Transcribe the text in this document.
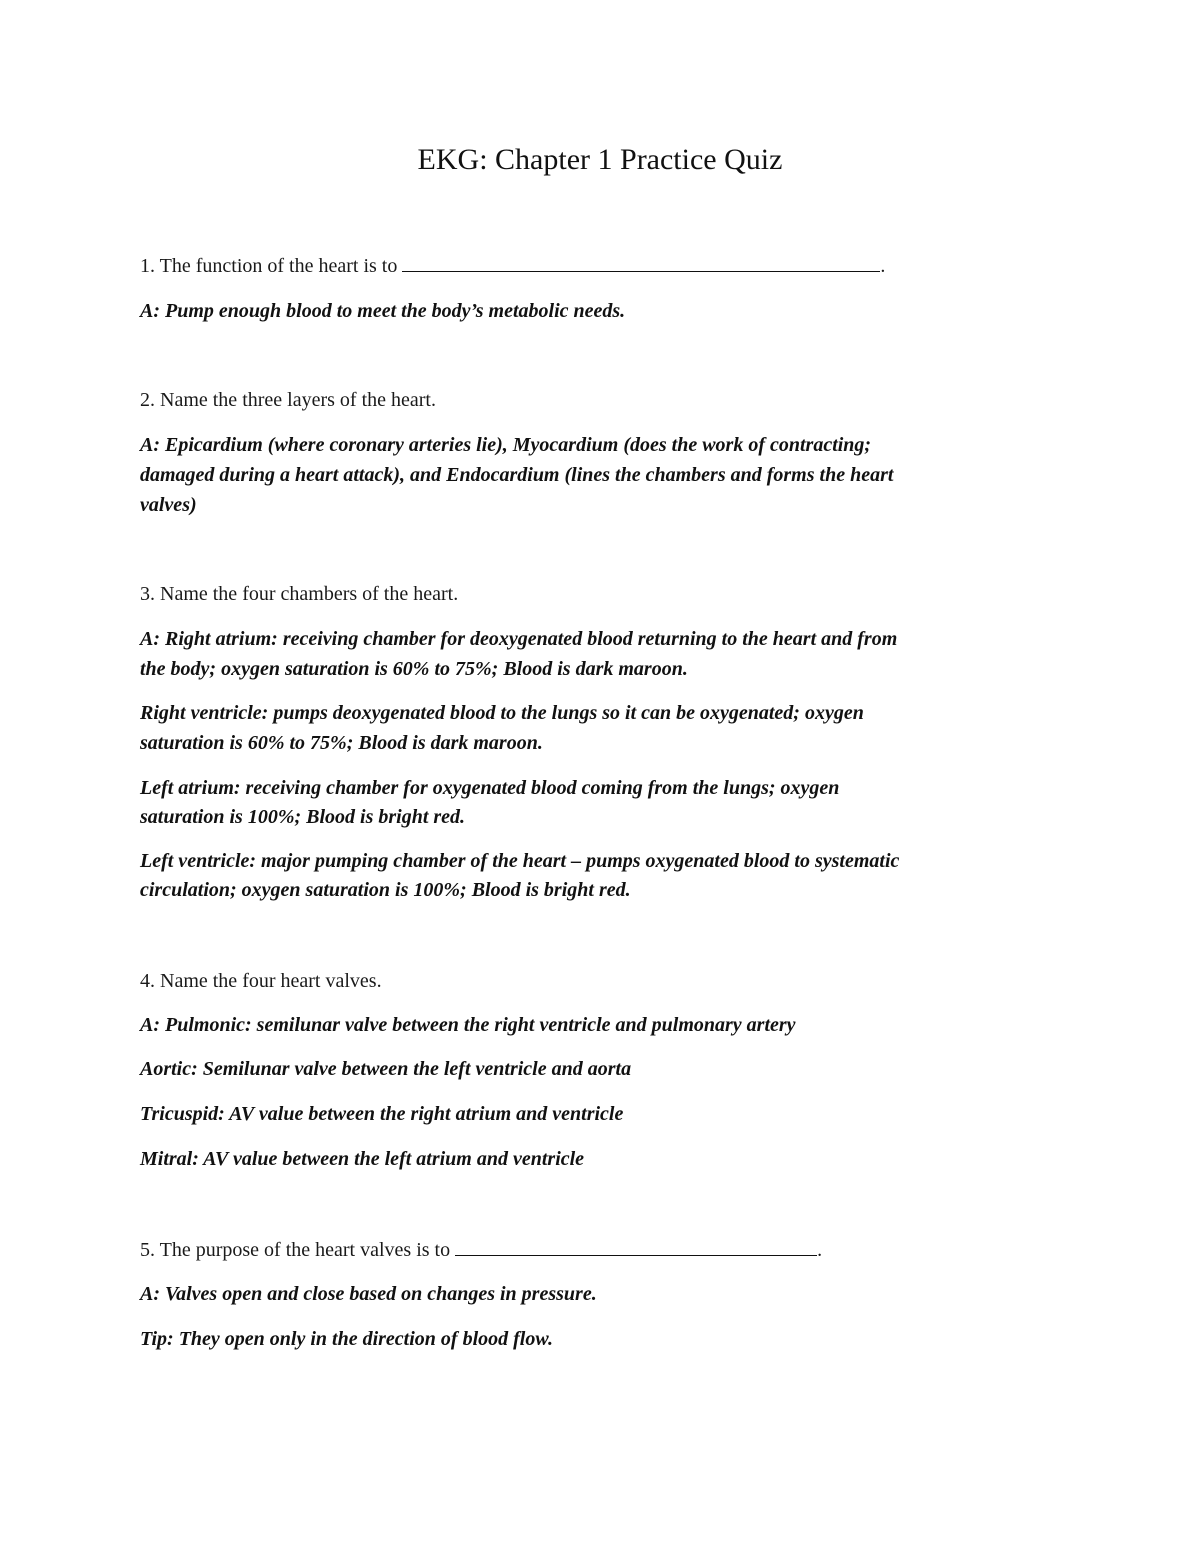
EKG: Chapter 1 Practice Quiz
1. The function of the heart is to	.
A: Pump enough blood to meet the body’s metabolic needs.
2. Name the three layers of the heart.
A: Epicardium (where coronary arteries lie), Myocardium (does the work of contracting;
damaged during a heart attack), and Endocardium (lines the chambers and forms the heart
valves)
3. Name the four chambers of the heart.
A: Right atrium: receiving chamber for deoxygenated blood returning to the heart and from
the body; oxygen saturation is 60% to 75%; Blood is dark maroon.
Right ventricle: pumps deoxygenated blood to the lungs so it can be oxygenated; oxygen
saturation is 60% to 75%; Blood is dark maroon.
Left atrium: receiving chamber for oxygenated blood coming from the lungs; oxygen
saturation is 100%; Blood is bright red.
Left ventricle: major pumping chamber of the heart – pumps oxygenated blood to systematic
circulation; oxygen saturation is 100%; Blood is bright red.
4. Name the four heart valves.
A: Pulmonic: semilunar valve between the right ventricle and pulmonary artery
Aortic: Semilunar valve between the left ventricle and aorta
Tricuspid: AV value between the right atrium and ventricle
Mitral: AV value between the left atrium and ventricle
5. The purpose of the heart valves is to	.
A: Valves open and close based on changes in pressure.
Tip: They open only in the direction of blood flow.
